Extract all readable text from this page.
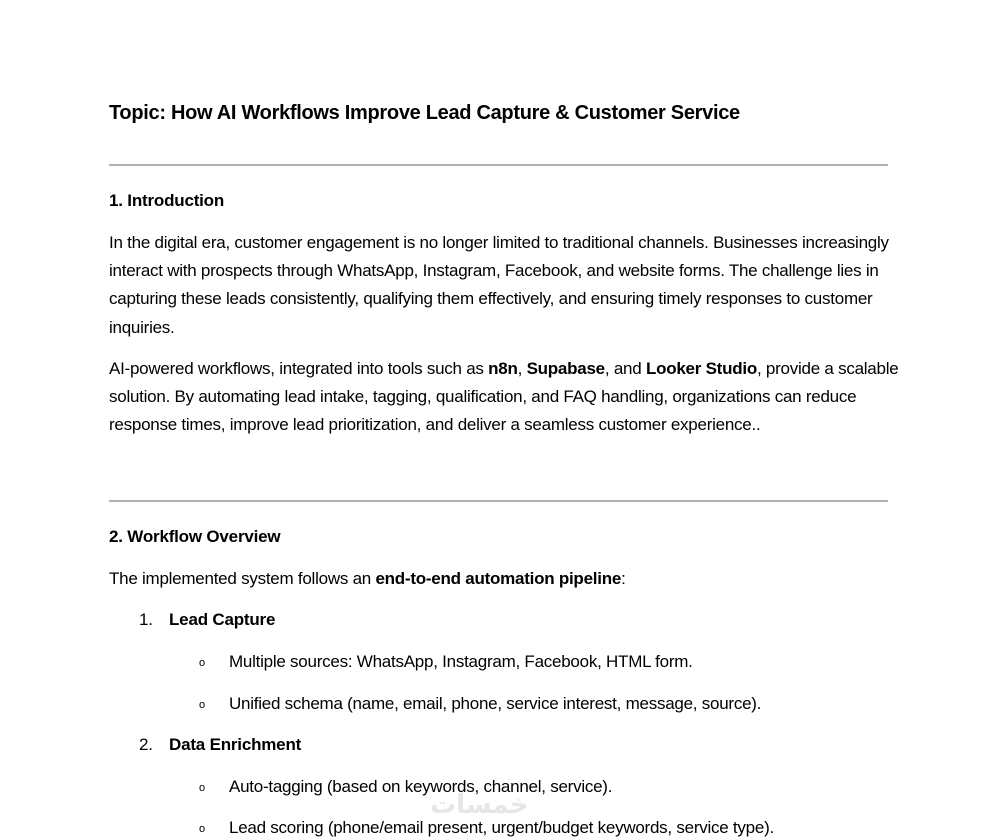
خمسات
Topic: How AI Workflows Improve Lead Capture & Customer Service
1. Introduction

In the digital era, customer engagement is no longer limited to traditional channels. Businesses increasingly interact with prospects through WhatsApp, Instagram, Facebook, and website forms. The challenge lies in capturing these leads consistently, qualifying them effectively, and ensuring timely responses to customer inquiries.

AI-powered workflows, integrated into tools such as n8n, Supabase, and Looker Studio, provide a scalable solution. By automating lead intake, tagging, qualification, and FAQ handling, organizations can reduce response times, improve lead prioritization, and deliver a seamless customer experience..

2. Workflow Overview

The implemented system follows an end-to-end automation pipeline:

1. Lead Capture
o Multiple sources: WhatsApp, Instagram, Facebook, HTML form.
o Unified schema (name, email, phone, service interest, message, source).
2. Data Enrichment
o Auto-tagging (based on keywords, channel, service).
o Lead scoring (phone/email present, urgent/budget keywords, service type).
